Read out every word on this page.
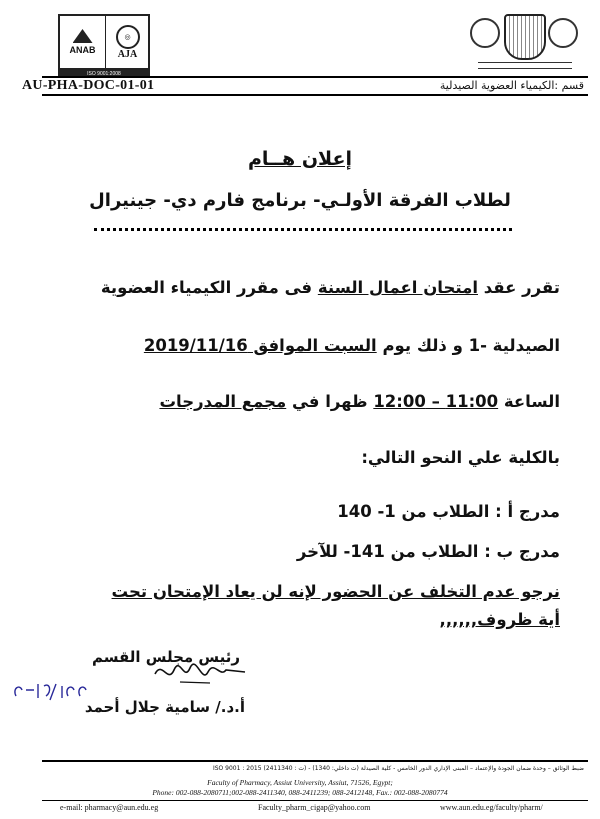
ANAB
◎
AJA
ISO 9001:2008
AU-PHA-DOC-01-01	قسم :الكيمياء العضوية الصيدلية
إعلان هــام
لطلاب الفرقة الأولـي- برنامج فارم دي- جينيرال
تقرر عقد امتحان اعمال السنة فى مقرر الكيمياء العضوية
الصيدلية -1 و ذلك يوم السبت الموافق 2019/11/16
الساعة 11:00 – 12:00 ظهرا في مجمع المدرجات
بالكلية علي النحو التالي:
مدرج أ : الطلاب من 1- 140
مدرج ب : الطلاب من 141- للآخر
نرجو عدم التخلف عن الحضور لإنه لن يعاد الإمتحان تحت
أية ظروف,,,,,,
رئيس مجلس القسم
أ.د./ سامية جلال أحمد
ضبط الوثائق – وحدة ضمان الجودة والإعتماد – المبنى الإداري الدور الخامس - كلية الصيدلة (ت داخلي: 1340) - (ت : 2411340) ISO 9001 : 2015
Faculty of Pharmacy, Assiut University, Assiut, 71526, Egypt;
Phone: 002-088-2080711;002-088-2411340, 088-2411239; 088-2412148, Fax.: 002-088-2080774
e-mail: pharmacy@aun.edu.eg	Faculty_pharm_cigap@yahoo.com	www.aun.edu.eg/faculty/pharm/
